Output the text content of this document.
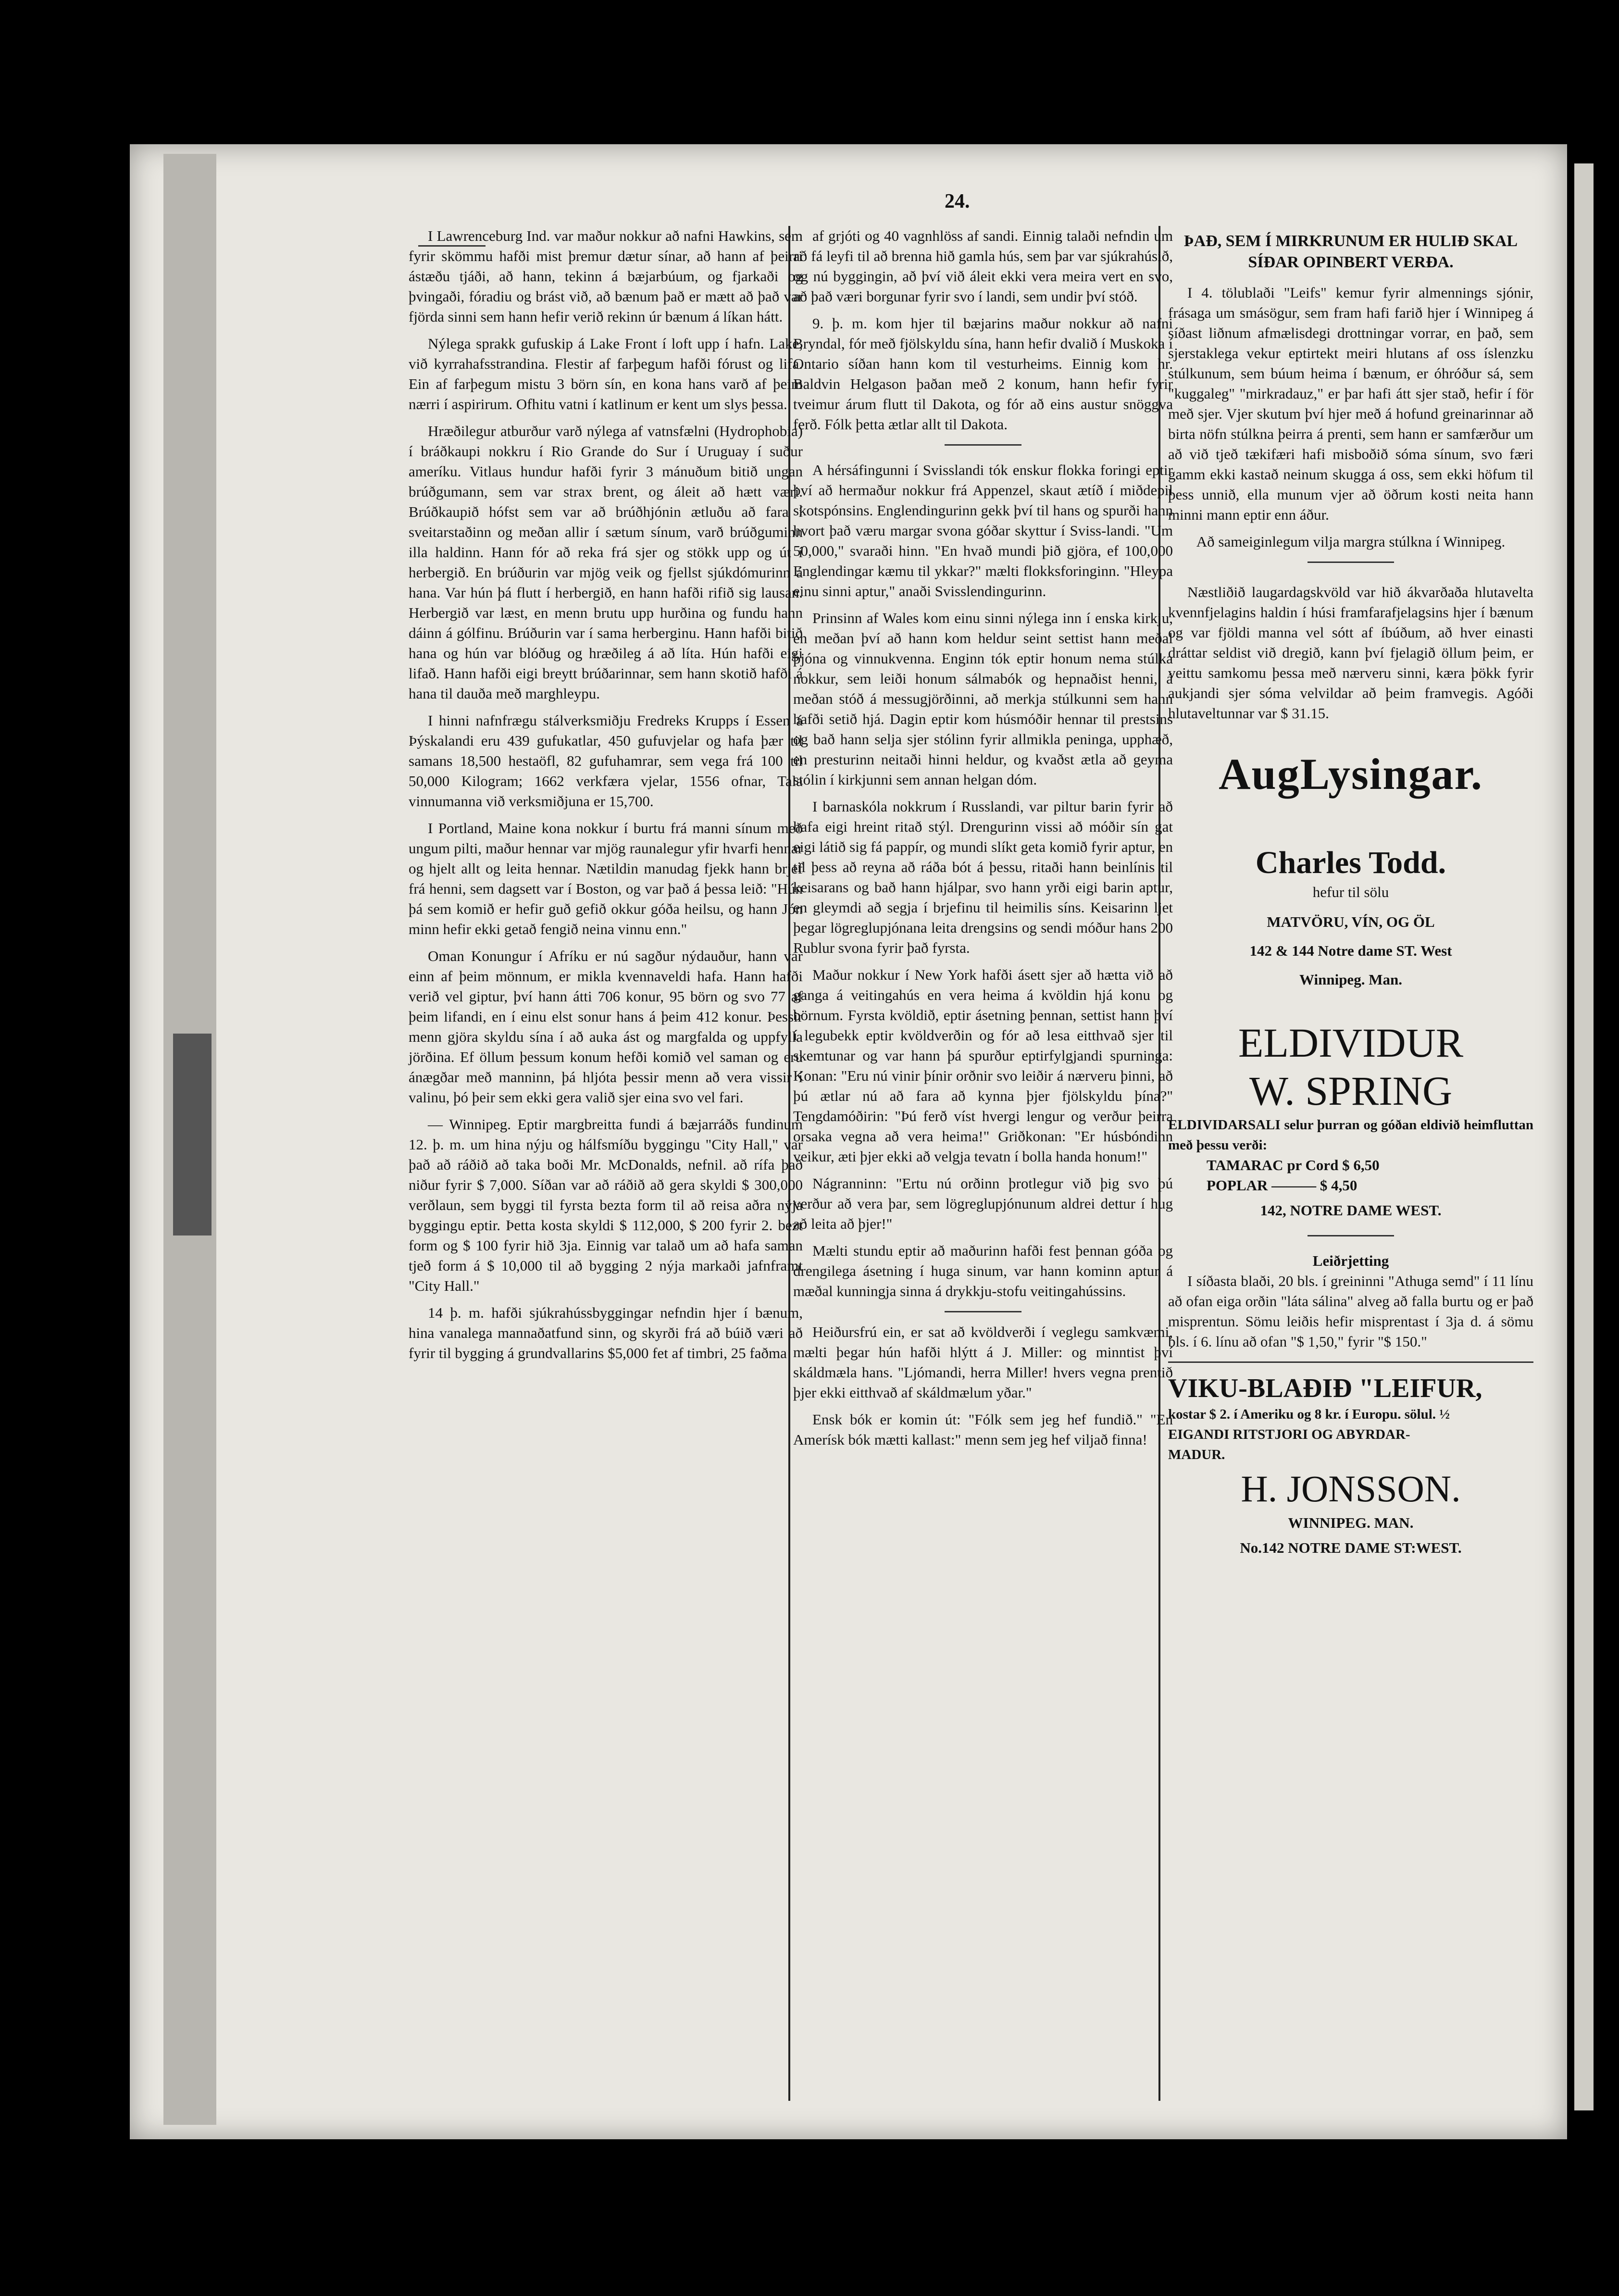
24.

I Lawrenceburg Ind. var maður nokkur að nafni Hawkins, sem fyrir skömmu hafði mist þremur dætur sínar, að hann af þeirri ástæðu tjáði, að hann, tekinn á bæjarbúum, og fjarkaði og þvingaði, fóradiu og brást við, að bænum það er mætt að það var fjörda sinni sem hann hefir verið rekinn úr bænum á líkan hátt.

Nýlega sprakk gufuskip á Lake Front í loft upp í hafn. Lake, við kyrrahafsstrandina. Flestir af farþegum hafði fórust og lifa. Ein af farþegum mistu 3 börn sín, en kona hans varð af þeim nærri í aspirirum. Ofhitu vatni í katlinum er kent um slys þessa.

Hræðilegur atburður varð nýlega af vatnsfælni (Hydrophobia) í bráðkaupi nokkru í Rio Grande do Sur í Uruguay í suður ameríku. Vitlaus hundur hafði fyrir 3 mánuðum bitið ungan brúðgumann, sem var strax brent, og áleit að hætt væri. Brúðkaupið hófst sem var að brúðhjónin ætluðu að fara í sveitarstaðinn og meðan allir í sætum sínum, varð brúðguminn illa haldinn. Hann fór að reka frá sjer og stökk upp og út í herbergið. En brúðurin var mjög veik og fjellst sjúkdómurinn á hana. Var hún þá flutt í herbergið, en hann hafði rifið sig lausan. Herbergið var læst, en menn brutu upp hurðina og fundu hann dáinn á gólfinu. Brúðurin var í sama herberginu. Hann hafði bitið hana og hún var blóðug og hræðileg á að líta. Hún hafði eigi lifað. Hann hafði eigi breytt brúðarinnar, sem hann skotið hafði á hana til dauða með marghleypu.

I hinni nafnfrægu stálverksmiðju Fredreks Krupps í Essen á Þýskalandi eru 439 gufukatlar, 450 gufuvjelar og hafa þær til samans 18,500 hestaöfl, 82 gufuhamrar, sem vega frá 100 til 50,000 Kilogram; 1662 verkfæra vjelar, 1556 ofnar, Tala vinnumanna við verksmiðjuna er 15,700.

I Portland, Maine kona nokkur í burtu frá manni sínum með ungum pilti, maður hennar var mjög raunalegur yfir hvarfi hennar og hjelt allt og leita hennar. Nætildin manudag fjekk hann brjef frá henni, sem dagsett var í Boston, og var það á þessa leið: "Hún þá sem komið er hefir guð gefið okkur góða heilsu, og hann Jón minn hefir ekki getað fengið neina vinnu enn."

Oman Konungur í Afríku er nú sagður nýdauður, hann var einn af þeim mönnum, er mikla kvennaveldi hafa. Hann hafði verið vel giptur, því hann átti 706 konur, 95 börn og svo 77 af þeim lifandi, en í einu elst sonur hans á þeim 412 konur. Þessir menn gjöra skyldu sína í að auka ást og margfalda og uppfylla jörðina. Ef öllum þessum konum hefði komið vel saman og eru ánægðar með manninn, þá hljóta þessir menn að vera vissir í valinu, þó þeir sem ekki gera valið sjer eina svo vel fari.

— Winnipeg. Eptir margbreitta fundi á bæjarráðs fundinum 12. þ. m. um hina nýju og hálfsmíðu byggingu "City Hall," var það að ráðið að taka boði Mr. McDonalds, nefnil. að rífa það niður fyrir $ 7,000. Síðan var að ráðið að gera skyldi $ 300,000 verðlaun, sem byggi til fyrsta bezta form til að reisa aðra nýja byggingu eptir. Þetta kosta skyldi $ 112,000, $ 200 fyrir 2. bezt form og $ 100 fyrir hið 3ja. Einnig var talað um að hafa saman tjeð form á $ 10,000 til að bygging 2 nýja markaði jafnframt "City Hall."

14 þ. m. hafði sjúkrahússbyggingar nefndin hjer í bænum, hina vanalega mannaðatfund sinn, og skyrði frá að búið væri að fyrir til bygging á grundvallarins $5,000 fet af timbri, 25 faðma

af grjóti og 40 vagnhlöss af sandi. Einnig talaði nefndin um að fá leyfi til að brenna hið gamla hús, sem þar var sjúkrahúsið, og nú byggingin, að því við áleit ekki vera meira vert en svo, að það væri borgunar fyrir svo í landi, sem undir því stóð.

9. þ. m. kom hjer til bæjarins maður nokkur að nafni Bryndal, fór með fjölskyldu sína, hann hefir dvalið í Muskoka í Ontario síðan hann kom til vesturheims. Einnig kom hr. Baldvin Helgason þaðan með 2 konum, hann hefir fyrir tveimur árum flutt til Dakota, og fór að eins austur snöggva ferð. Fólk þetta ætlar allt til Dakota.

A hérsáfingunni í Svisslandi tók enskur flokka foringi eptir því að hermaður nokkur frá Appenzel, skaut ætíð í miðdepil skotspónsins. Englendingurinn gekk því til hans og spurði hann hvort það væru margar svona góðar skyttur í Sviss-landi. "Um 50,000," svaraði hinn. "En hvað mundi þið gjöra, ef 100,000 Englendingar kæmu til ykkar?" mælti flokksforinginn. "Hleypa einu sinni aptur," anaði Svisslendingurinn.

Prinsinn af Wales kom einu sinni nýlega inn í enska kirkju, en meðan því að hann kom heldur seint settist hann meðal þjóna og vinnukvenna. Enginn tók eptir honum nema stúlka nokkur, sem leiði honum sálmabók og hepnaðist henni, á meðan stóð á messugjörðinni, að merkja stúlkunni sem hann hafði setið hjá. Dagin eptir kom húsmóðir hennar til prestsins og bað hann selja sjer stólinn fyrir allmikla peninga, upphæð, en presturinn neitaði hinni heldur, og kvaðst ætla að geyma stólin í kirkjunni sem annan helgan dóm.

I barnaskóla nokkrum í Russlandi, var piltur barin fyrir að hafa eigi hreint ritað stýl. Drengurinn vissi að móðir sín gat eigi látið sig fá pappír, og mundi slíkt geta komið fyrir aptur, en til þess að reyna að ráða bót á þessu, ritaði hann beinlínis til keisarans og bað hann hjálpar, svo hann yrði eigi barin aptur, en gleymdi að segja í brjefinu til heimilis síns. Keisarinn ljet þegar lögreglupjónana leita drengsins og sendi móður hans 200 Rublur svona fyrir það fyrsta.

Maður nokkur í New York hafði ásett sjer að hætta við að ganga á veitingahús en vera heima á kvöldin hjá konu og börnum. Fyrsta kvöldið, eptir ásetning þennan, settist hann því í legubekk eptir kvöldverðin og fór að lesa eitthvað sjer til skemtunar og var hann þá spurður eptirfylgjandi spurninga: Konan: "Eru nú vinir þínir orðnir svo leiðir á nærveru þinni, að þú ætlar nú að fara að kynna þjer fjölskyldu þína?" Tengdamóðirin: "Þú ferð víst hvergi lengur og verður þeirra orsaka vegna að vera heima!" Griðkonan: "Er húsbóndinn veikur, æti þjer ekki að velgja tevatn í bolla handa honum!"

Nágranninn: "Ertu nú orðinn þrotlegur við þig svo þú verður að vera þar, sem lögreglupjónunum aldrei dettur í hug að leita að þjer!"

Mælti stundu eptir að maðurinn hafði fest þennan góða og drengilega ásetning í huga sinum, var hann kominn aptur á mæðal kunningja sinna á drykkju-stofu veitingahússins.

Heiðursfrú ein, er sat að kvöldverði í veglegu samkvæmi, mælti þegar hún hafði hlýtt á J. Miller: og minntist því skáldmæla hans. "Ljómandi, herra Miller! hvers vegna prentið þjer ekki eitthvað af skáldmælum yðar."

Ensk bók er komin út: "Fólk sem jeg hef fundið." "En Amerísk bók mætti kallast:" menn sem jeg hef viljað finna!

ÞAÐ, SEM Í MIRKRUNUM ER HULIÐ SKAL SÍÐAR OPINBERT VERÐA.

I 4. tölublaði "Leifs" kemur fyrir almennings sjónir, frásaga um smásögur, sem fram hafi farið hjer í Winnipeg á síðast liðnum afmælisdegi drottningar vorrar, en það, sem sjerstaklega vekur eptirtekt meiri hlutans af oss íslenzku stúlkunum, sem búum heima í bænum, er óhróður sá, sem "kuggaleg" "mirkradauz," er þar hafi átt sjer stað, hefir í för með sjer. Vjer skutum því hjer með á hofund greinarinnar að birta nöfn stúlkna þeirra á prenti, sem hann er samfærður um að við tjeð tækifæri hafi misboðið sóma sínum, svo færi gamm ekki kastað neinum skugga á oss, sem ekki höfum til þess unnið, ella munum vjer að öðrum kosti neita hann minni mann eptir enn áður.

Að sameiginlegum vilja margra stúlkna í Winnipeg.

Næstliðið laugardagskvöld var hið ákvarðaða hlutavelta kvennfjelagins haldin í húsi framfarafjelagsins hjer í bænum og var fjöldi manna vel sótt af íbúðum, að hver einasti dráttar seldist við dregið, kann því fjelagið öllum þeim, er veittu samkomu þessa með nærveru sinni, kæra þökk fyrir aukjandi sjer sóma velvildar að þeim framvegis. Agóði hlutaveltunnar var $ 31.15.

AugLysingar.
Charles Todd.
hefur til sölu
MATVÖRU, VÍN, OG ÖL
142 & 144 Notre dame ST. West
Winnipeg. Man.
ELDIVIDUR
W. SPRING
ELDIVIDARSALI selur þurran og góðan eldivið heimfluttan með þessu verði:
TAMARAC pr Cord $ 6,50
POPLAR ——— $ 4,50
142, NOTRE DAME WEST.
Leiðrjetting

I síðasta blaði, 20 bls. í greininni "Athuga semd" í 11 línu að ofan eiga orðin "láta sálina" alveg að falla burtu og er það misprentun. Sömu leiðis hefir misprentast í 3ja d. á sömu bls. í 6. línu að ofan "$ 1,50," fyrir "$ 150."

VIKU-BLAÐIÐ "LEIFUR,
kostar $ 2. í Ameriku og 8 kr. í Europu. sölul. ½
EIGANDI RITSTJORI OG ABYRDAR-
MADUR.
H. JONSSON.
WINNIPEG. MAN.
No.142 NOTRE DAME ST:WEST.
